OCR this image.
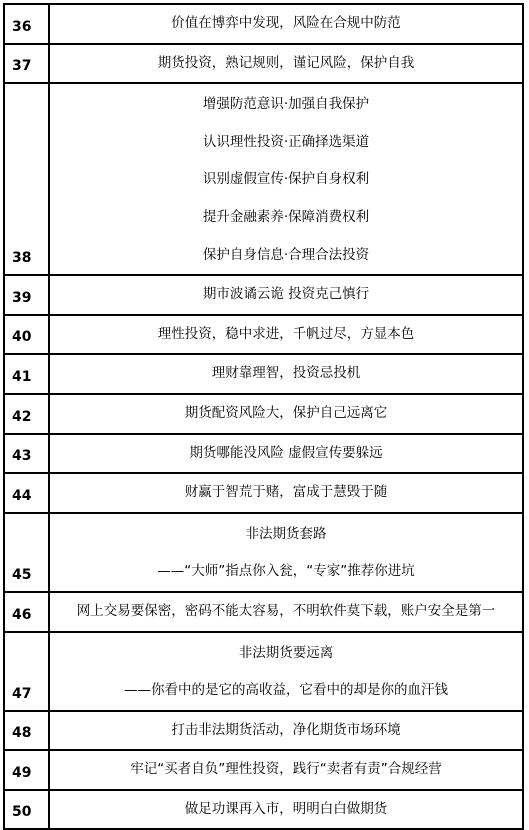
36	价值在博弈中发现，风险在合规中防范

37	期货投资，熟记规则，谨记风险，保护自我

38	增强防范意识·加强自我保护
认识理性投资·正确择选渠道
识别虚假宣传·保护自身权利
提升金融素养·保障消费权利
保护自身信息·合理合法投资

39	期市波谲云诡 投资克己慎行

40	理性投资，稳中求进，千帆过尽，方显本色

41	理财靠理智，投资忌投机

42	期货配资风险大，保护自己远离它

43	期货哪能没风险 虚假宣传要躲远

44	财赢于智荒于赌，富成于慧毁于随

45	非法期货套路
——“大师”指点你入瓮，“专家”推荐你进坑

46	网上交易要保密，密码不能太容易，不明软件莫下载，账户安全是第一

47	非法期货要远离
——你看中的是它的高收益，它看中的却是你的血汗钱

48	打击非法期货活动，净化期货市场环境

49	牢记“买者自负”理性投资，践行“卖者有责”合规经营

50	做足功课再入市，明明白白做期货
